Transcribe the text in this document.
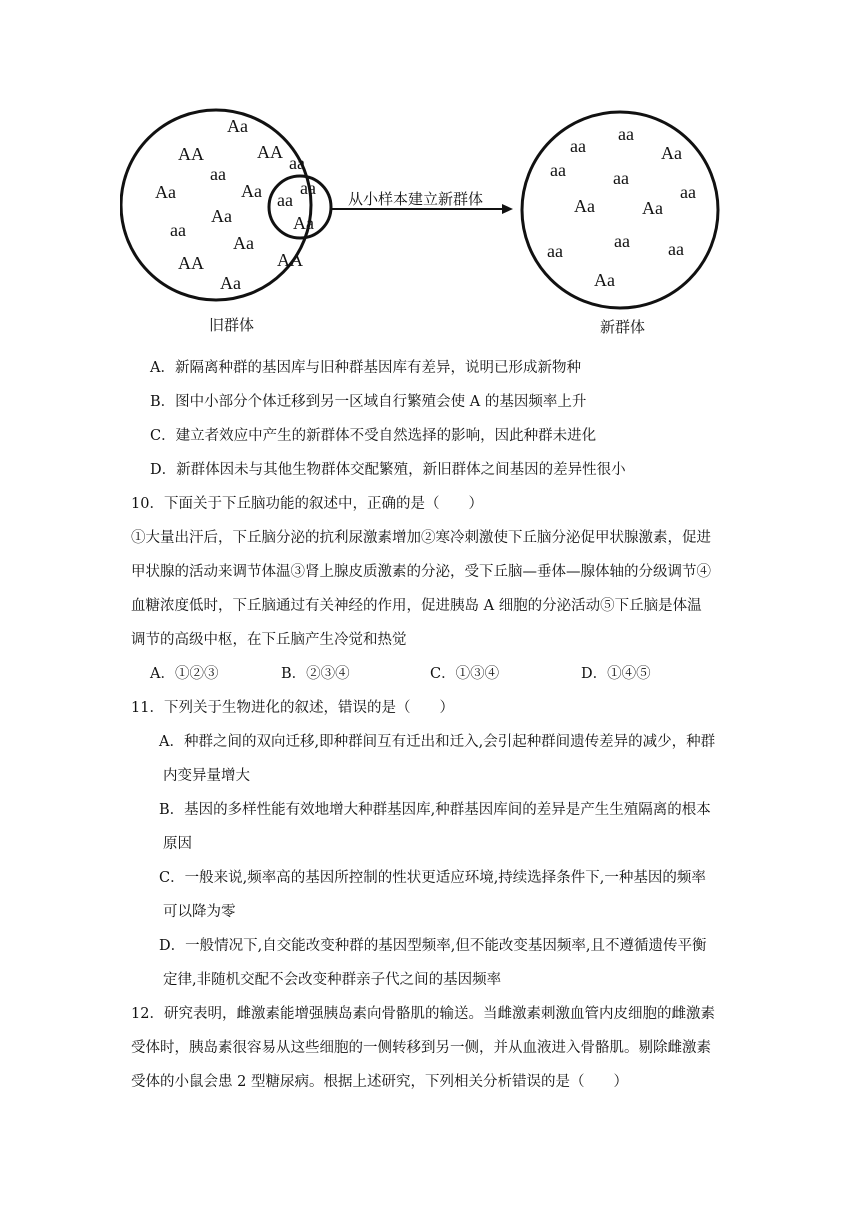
Aa
AA	AA
aa
Aa	Aa
aa
Aa
aa
Aa
aa
Aa
AA	AA
aa
Aa
从小样本建立新群体
aa
aa	Aa
aa	aa
aa
Aa	Aa
aa	aa aa
Aa
旧群体	新群体
A．新隔离种群的基因库与旧种群基因库有差异，说明已形成新物种
B．图中小部分个体迁移到另一区域自行繁殖会使 A 的基因频率上升
C．建立者效应中产生的新群体不受自然选择的影响，因此种群未进化
D．新群体因未与其他生物群体交配繁殖，新旧群体之间基因的差异性很小
10．下面关于下丘脑功能的叙述中，正确的是（　　）
①大量出汗后，下丘脑分泌的抗利尿激素增加②寒冷刺激使下丘脑分泌促甲状腺激素，促进
甲状腺的活动来调节体温③肾上腺皮质激素的分泌，受下丘脑—垂体—腺体轴的分级调节④
血糖浓度低时，下丘脑通过有关神经的作用，促进胰岛 A 细胞的分泌活动⑤下丘脑是体温
调节的高级中枢，在下丘脑产生冷觉和热觉
A．①②③	B．②③④	C．①③④	D．①④⑤
11．下列关于生物进化的叙述，错误的是（　　）
A．种群之间的双向迁移,即种群间互有迁出和迁入,会引起种群间遗传差异的减少，种群
内变异量增大
B．基因的多样性能有效地增大种群基因库,种群基因库间的差异是产生生殖隔离的根本
原因
C．一般来说,频率高的基因所控制的性状更适应环境,持续选择条件下,一种基因的频率
可以降为零
D．一般情况下,自交能改变种群的基因型频率,但不能改变基因频率,且不遵循遗传平衡
定律,非随机交配不会改变种群亲子代之间的基因频率
12．研究表明，雌激素能增强胰岛素向骨骼肌的输送。当雌激素刺激血管内皮细胞的雌激素
受体时，胰岛素很容易从这些细胞的一侧转移到另一侧，并从血液进入骨骼肌。剔除雌激素
受体的小鼠会患 2 型糖尿病。根据上述研究，下列相关分析错误的是（　　）
